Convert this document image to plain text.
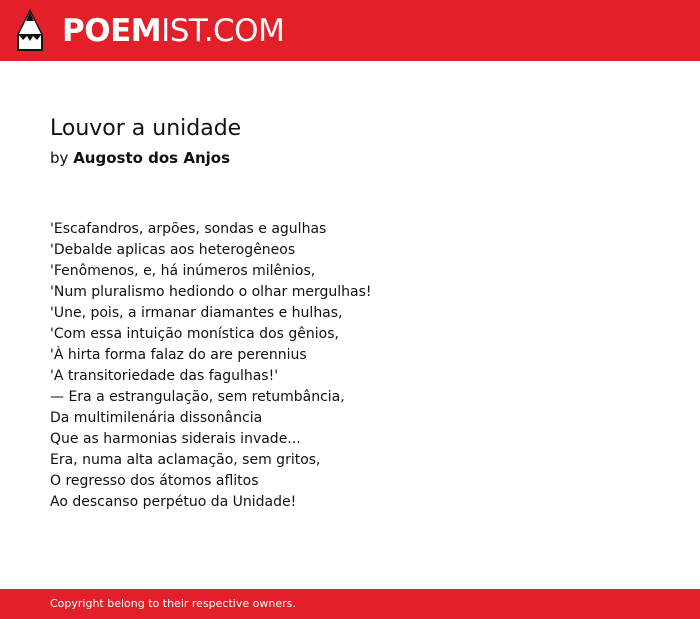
POEMIST.COM
Louvor a unidade
by Augosto dos Anjos
'Escafandros, arpões, sondas e agulhas
'Debalde aplicas aos heterogêneos
'Fenômenos, e, há inúmeros milênios,
'Num pluralismo hediondo o olhar mergulhas!
'Une, pois, a irmanar diamantes e hulhas,
'Com essa intuição monística dos gênios,
'À hirta forma falaz do are perennius
'A transitoriedade das fagulhas!'
— Era a estrangulação, sem retumbância,
Da multimilenária dissonância
Que as harmonias siderais invade...
Era, numa alta aclamação, sem gritos,
O regresso dos átomos aflitos
Ao descanso perpétuo da Unidade!
Copyright belong to their respective owners.
